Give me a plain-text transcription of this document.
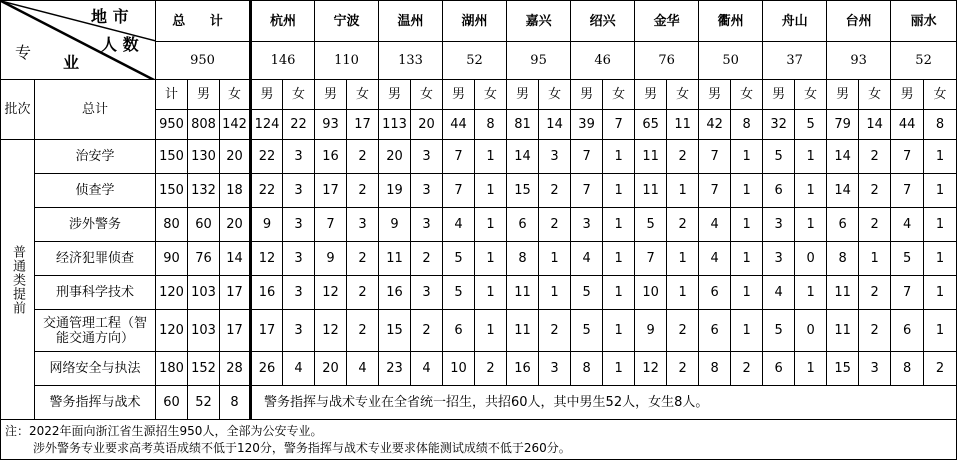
地 市
人 数
专
业		总 计			杭州		宁波		温州		湖州		嘉兴		绍兴		金华		衢州		舟山		台州		丽水	
		950			146		110		133		52		95		46		76		50		37		93		52	
批次	总计	计	男	女	男	女	男	女	男	女	男	女	男	女	男	女	男	女	男	女	男	女	男	女	男	女
		950	808	142	124	22	93	17	113	20	44	8	81	14	39	7	65	11	42	8	32	5	79	14	44	8
普通类提前	治安学	150	130	20	22	3	16	2	20	3	7	1	14	3	7	1	11	2	7	1	5	1	14	2	7	1
	侦查学	150	132	18	22	3	17	2	19	3	7	1	15	2	7	1	11	1	7	1	6	1	14	2	7	1
	涉外警务	80	60	20	9	3	7	3	9	3	4	1	6	2	3	1	5	2	4	1	3	1	6	2	4	1
	经济犯罪侦查	90	76	14	12	3	9	2	11	2	5	1	8	1	4	1	7	1	4	1	3	0	8	1	5	1
	刑事科学技术	120	103	17	16	3	12	2	16	3	5	1	11	1	5	1	10	1	6	1	4	1	11	2	7	1
	交通管理工程（智能交通方向）	120	103	17	17	3	12	2	15	2	6	1	11	2	5	1	9	2	6	1	5	0	11	2	6	1
	网络安全与执法	180	152	28	26	4	20	4	23	4	10	2	16	3	8	1	12	2	8	2	6	1	15	3	8	2
	警务指挥与战术	60	52	8	警务指挥与战术专业在全省统一招生，共招60人，其中男生52人，女生8人。																					

注：2022年面向浙江省生源招生950人，全部为公安专业。
涉外警务专业要求高考英语成绩不低于120分，警务指挥与战术专业要求体能测试成绩不低于260分。																										
